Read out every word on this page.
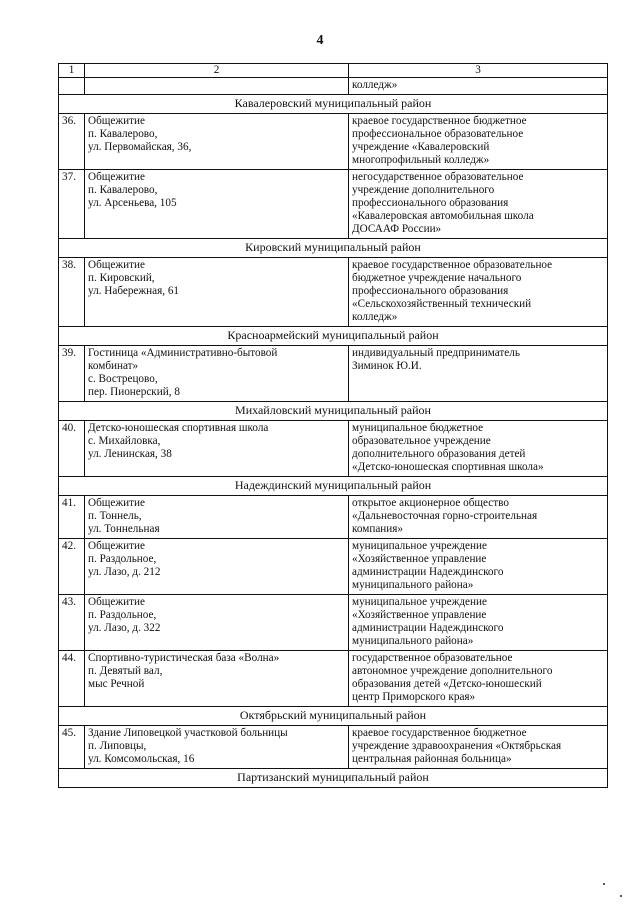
4
1	2	3

		колледж»

Кавалеровский муниципальный район		
36.	Общежитие
п. Кавалерово,
ул. Первомайская, 36,	краевое государственное бюджетное
профессиональное образовательное
учреждение «Кавалеровский
многопрофильный колледж»

37.	Общежитие
п. Кавалерово,
ул. Арсеньева, 105	негосударственное образовательное
учреждение дополнительного
профессионального образования
«Кавалеровская автомобильная школа
ДОСААФ России»

Кировский муниципальный район		
38.	Общежитие
п. Кировский,
ул. Набережная, 61	краевое государственное образовательное
бюджетное учреждение начального
профессионального образования
«Сельскохозяйственный технический
колледж»

Красноармейский муниципальный район		
39.	Гостиница «Административно-бытовой
комбинат»
с. Вострецово,
пер. Пионерский, 8	индивидуальный предприниматель
Зиминок Ю.И.

Михайловский муниципальный район		
40.	Детско-юношеская спортивная школа
с. Михайловка,
ул. Ленинская, 38	муниципальное бюджетное
образовательное учреждение
дополнительного образования детей
«Детско-юношеская спортивная школа»

Надеждинский муниципальный район		
41.	Общежитие
п. Тоннель,
ул. Тоннельная	открытое акционерное общество
«Дальневосточная горно-строительная
компания»

42.	Общежитие
п. Раздольное,
ул. Лазо, д. 212	муниципальное учреждение
«Хозяйственное управление
администрации Надеждинского
муниципального района»

43.	Общежитие
п. Раздольное,
ул. Лазо, д. 322	муниципальное учреждение
«Хозяйственное управление
администрации Надеждинского
муниципального района»

44.	Спортивно-туристическая база «Волна»
п. Девятый вал,
мыс Речной	государственное образовательное
автономное учреждение дополнительного
образования детей «Детско-юношеский
центр Приморского края»

Октябрьский муниципальный район		
45.	Здание Липовецкой участковой больницы
п. Липовцы,
ул. Комсомольская, 16	краевое государственное бюджетное
учреждение здравоохранения «Октябрьская
центральная районная больница»

Партизанский муниципальный район		
